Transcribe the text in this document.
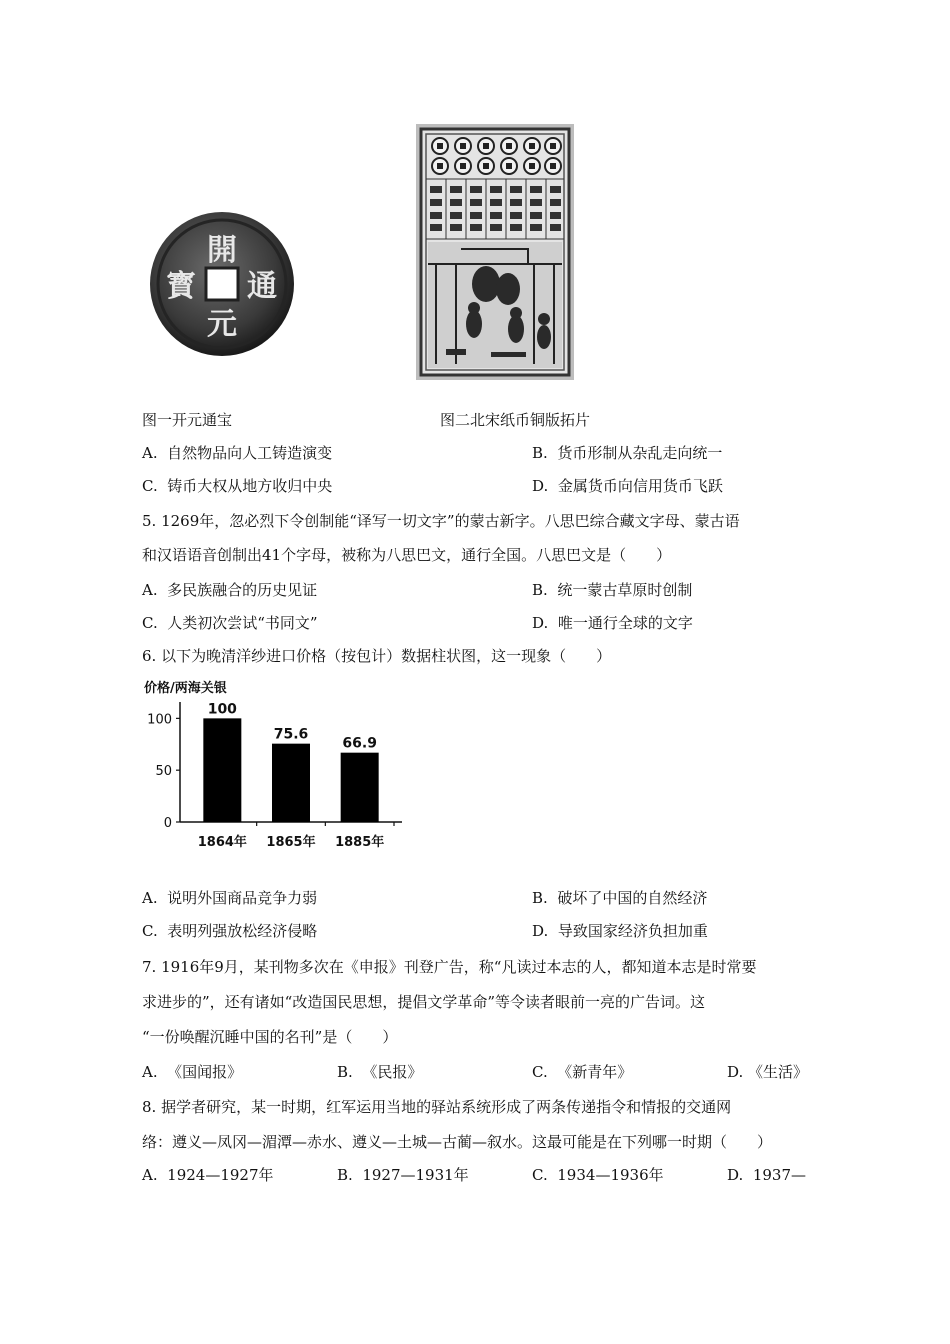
開
通
元
寳
图一开元通宝	图二北宋纸币铜版拓片
A. 自然物品向人工铸造演变	B. 货币形制从杂乱走向统一
C. 铸币大权从地方收归中央	D. 金属货币向信用货币飞跃
5. 1269年，忽必烈下令创制能“译写一切文字”的蒙古新字。八思巴综合藏文字母、蒙古语
和汉语语音创制出41个字母，被称为八思巴文，通行全国。八思巴文是（　　）
A. 多民族融合的历史见证	B. 统一蒙古草原时创制
C. 人类初次尝试“书同文”	D. 唯一通行全球的文字
6. 以下为晚清洋纱进口价格（按包计）数据柱状图，这一现象（　　）
价格/两海关银
100
50
0
100
1864年
75.6
1865年
66.9
1885年
A. 说明外国商品竞争力弱	B. 破坏了中国的自然经济
C. 表明列强放松经济侵略	D. 导致国家经济负担加重
7. 1916年9月，某刊物多次在《申报》刊登广告，称“凡读过本志的人，都知道本志是时常要
求进步的”，还有诸如“改造国民思想，提倡文学革命”等令读者眼前一亮的广告词。这
“一份唤醒沉睡中国的名刊”是（　　）
A. 《国闻报》	B. 《民报》	C. 《新青年》	D. 《生活》
8. 据学者研究，某一时期，红军运用当地的驿站系统形成了两条传递指令和情报的交通网
络：遵义—凤冈—湄潭—赤水、遵义—土城—古蔺—叙水。这最可能是在下列哪一时期（　　）
A. 1924—1927年	B. 1927—1931年	C. 1934—1936年	D. 1937—
